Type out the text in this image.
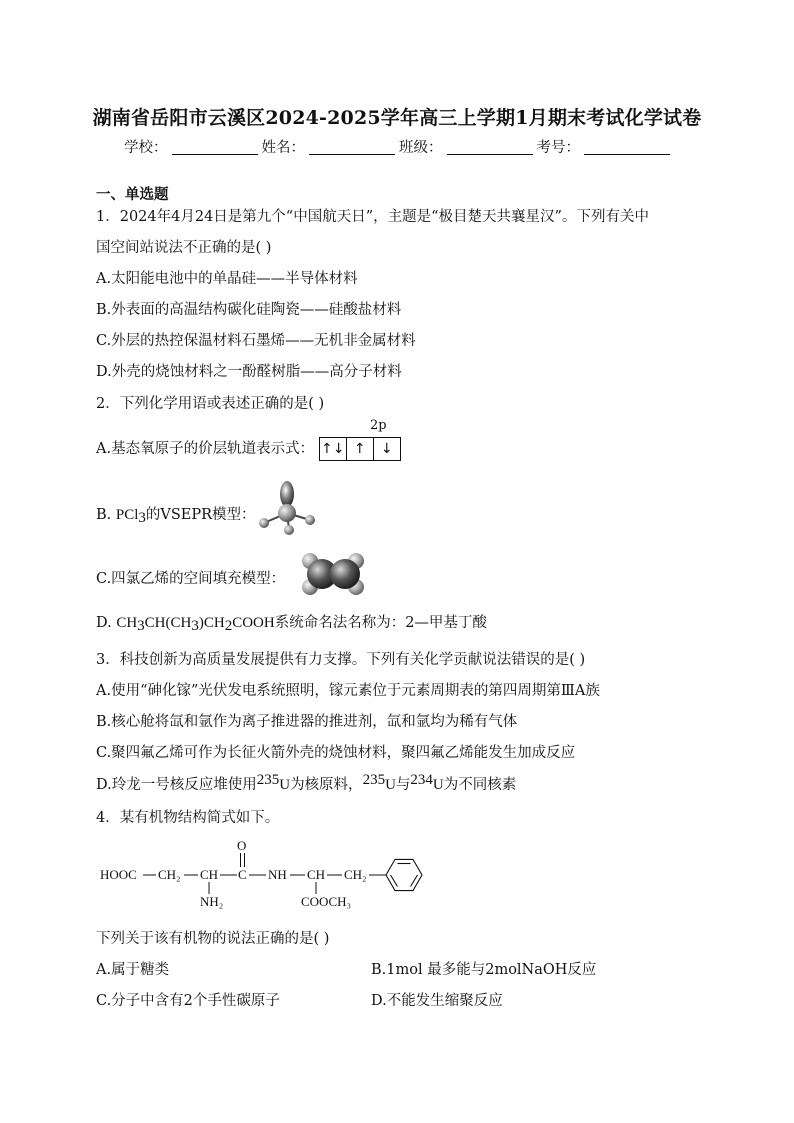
湖南省岳阳市云溪区2024-2025学年高三上学期1月期末考试化学试卷
学校：	姓名：	班级：	考号：
一、单选题
1．2024年4月24日是第九个“中国航天日”，主题是“极目楚天共襄星汉”。下列有关中
国空间站说法不正确的是( )
A.太阳能电池中的单晶硅——半导体材料
B.外表面的高温结构碳化硅陶瓷——硅酸盐材料
C.外层的热控保温材料石墨烯——无机非金属材料
D.外壳的烧蚀材料之一酚醛树脂——高分子材料
2．下列化学用语或表述正确的是( )
2p
A.基态氧原子的价层轨道表示式： ↑↓ ↑	↓
B. PCl3的VSEPR模型：
C.四氯乙烯的空间填充模型：
D. CH3CH(CH3)CH2COOH系统命名法名称为：2—甲基丁酸
3．科技创新为高质量发展提供有力支撑。下列有关化学贡献说法错误的是( )
A.使用“砷化镓”光伏发电系统照明，镓元素位于元素周期表的第四周期第ⅢA族
B.核心舱将氙和氩作为离子推进器的推进剂，氙和氩均为稀有气体
C.聚四氟乙烯可作为长征火箭外壳的烧蚀材料，聚四氟乙烯能发生加成反应
D.玲龙一号核反应堆使用235U为核原料，235U与234U为不同核素
4．某有机物结构简式如下。
HOOC CH₂ CH
NH₂
O
C NH CH
COOCH₃
CH₂
下列关于该有机物的说法正确的是( )
A.属于糖类	B.1mol 最多能与2molNaOH反应
C.分子中含有2个手性碳原子	D.不能发生缩聚反应
